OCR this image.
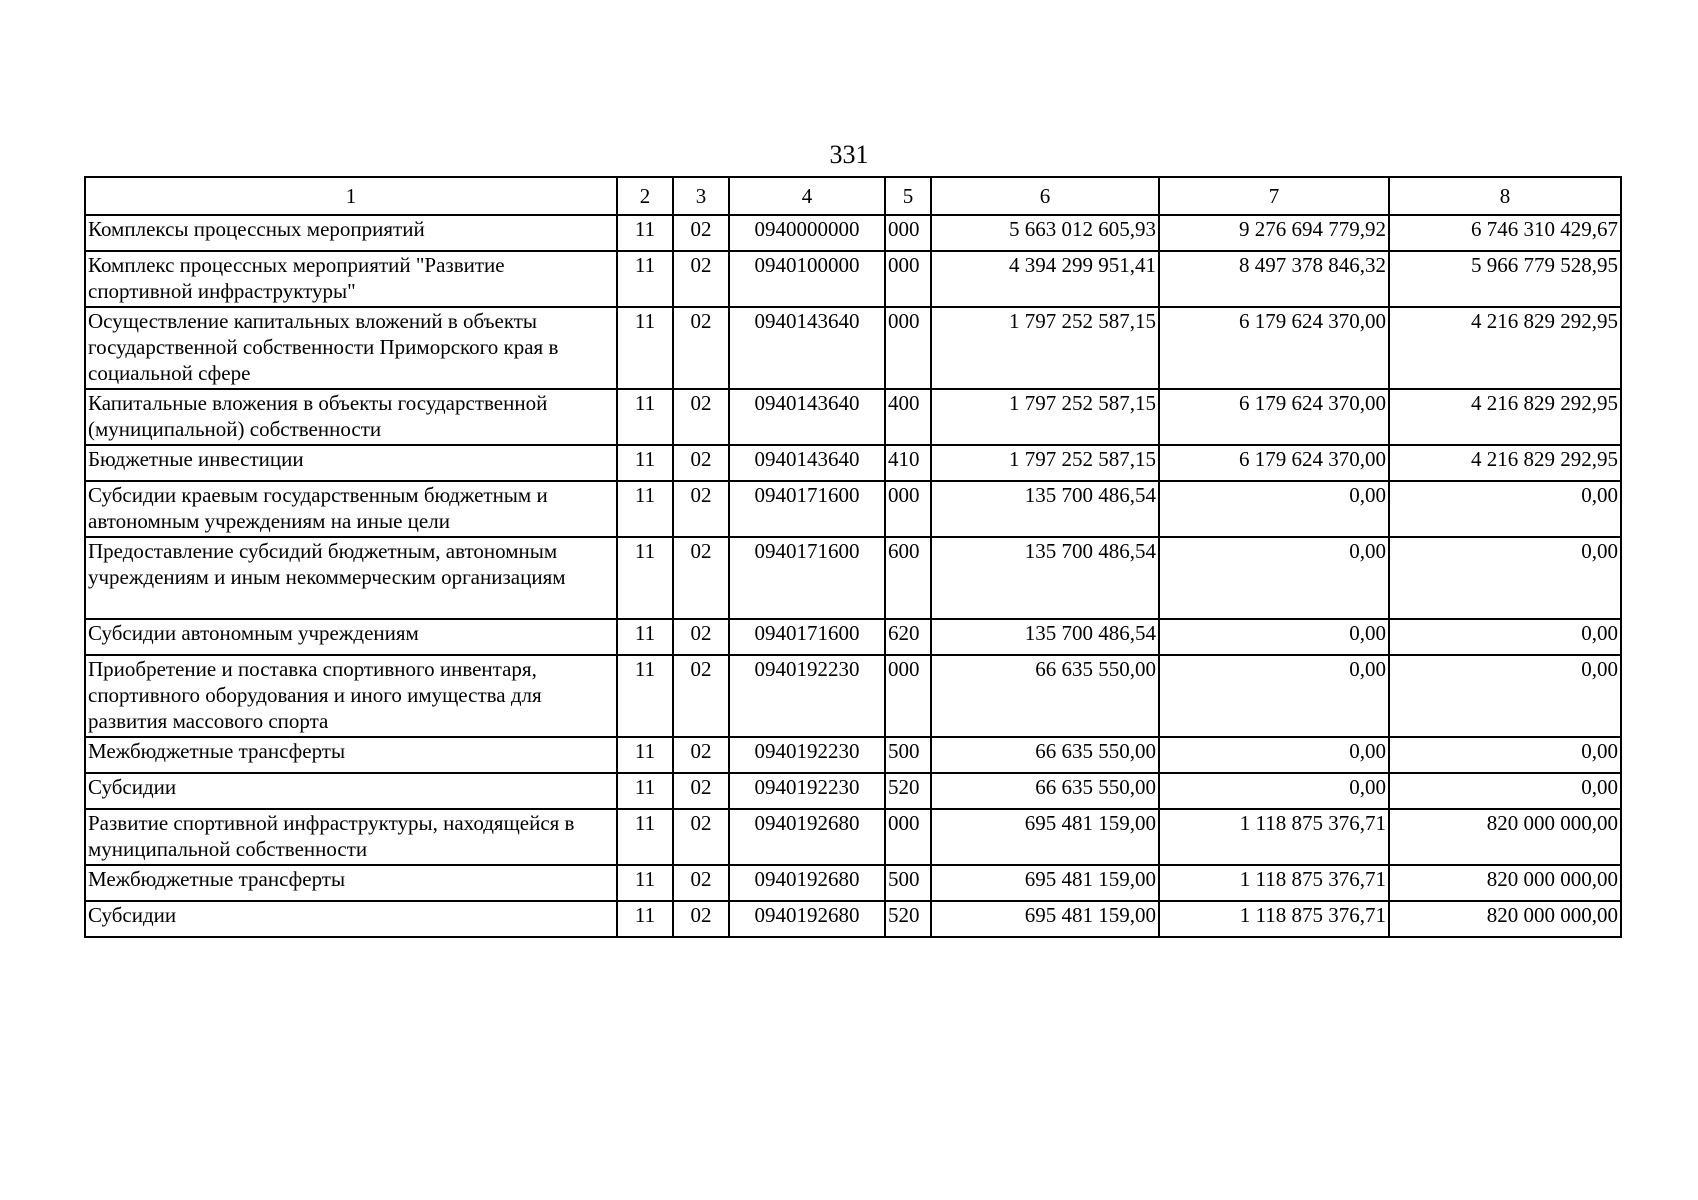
331
1	2	3	4	5	6	7	8
Комплексы процессных мероприятий	11	02	0940000000	000	5 663 012 605,93	9 276 694 779,92	6 746 310 429,67
Комплекс процессных мероприятий "Развитие спортивной инфраструктуры"	11	02	0940100000	000	4 394 299 951,41	8 497 378 846,32	5 966 779 528,95
Осуществление капитальных вложений в объекты государственной собственности Приморского края в социальной сфере	11	02	0940143640	000	1 797 252 587,15	6 179 624 370,00	4 216 829 292,95
Капитальные вложения в объекты государственной (муниципальной) собственности	11	02	0940143640	400	1 797 252 587,15	6 179 624 370,00	4 216 829 292,95
Бюджетные инвестиции	11	02	0940143640	410	1 797 252 587,15	6 179 624 370,00	4 216 829 292,95
Субсидии краевым государственным бюджетным и автономным учреждениям на иные цели	11	02	0940171600	000	135 700 486,54	0,00	0,00
Предоставление субсидий бюджетным, автономным учреждениям и иным некоммерческим организациям	11	02	0940171600	600	135 700 486,54	0,00	0,00
Субсидии автономным учреждениям	11	02	0940171600	620	135 700 486,54	0,00	0,00
Приобретение и поставка спортивного инвентаря, спортивного оборудования и иного имущества для развития массового спорта	11	02	0940192230	000	66 635 550,00	0,00	0,00
Межбюджетные трансферты	11	02	0940192230	500	66 635 550,00	0,00	0,00
Субсидии	11	02	0940192230	520	66 635 550,00	0,00	0,00
Развитие спортивной инфраструктуры, находящейся в муниципальной собственности	11	02	0940192680	000	695 481 159,00	1 118 875 376,71	820 000 000,00
Межбюджетные трансферты	11	02	0940192680	500	695 481 159,00	1 118 875 376,71	820 000 000,00
Субсидии	11	02	0940192680	520	695 481 159,00	1 118 875 376,71	820 000 000,00
